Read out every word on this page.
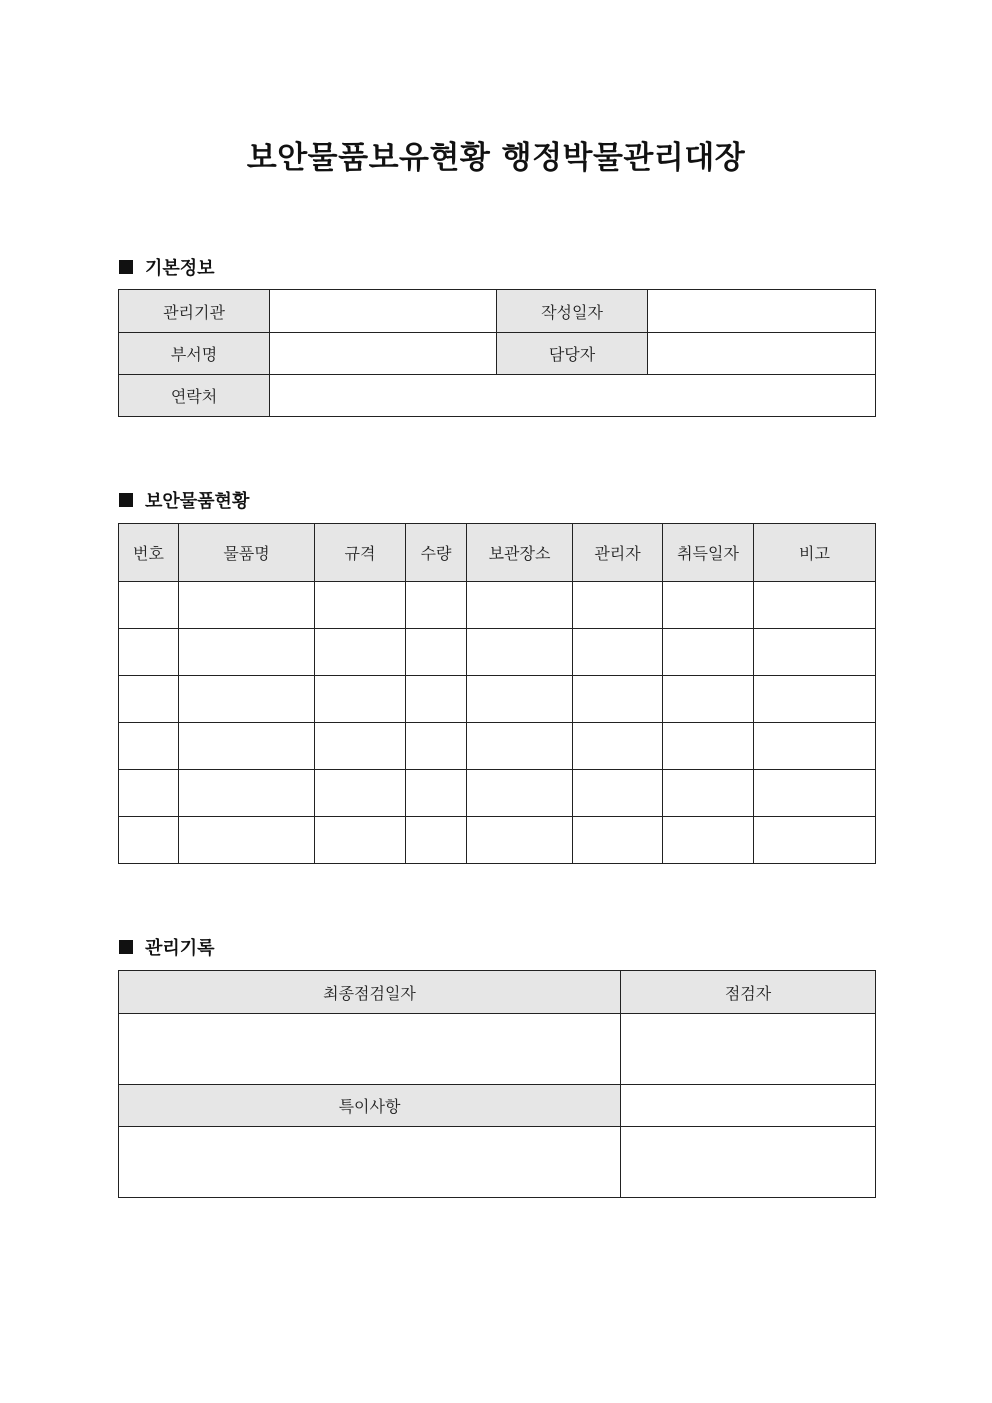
보안물품보유현황 행정박물관리대장
기본정보
관리기관		작성일자	
부서명		담당자	
연락처			
보안물품현황
번호	물품명	규격	수량	보관장소	관리자	취득일자	비고

관리기록
최종점검일자	점검자

특이사항	
